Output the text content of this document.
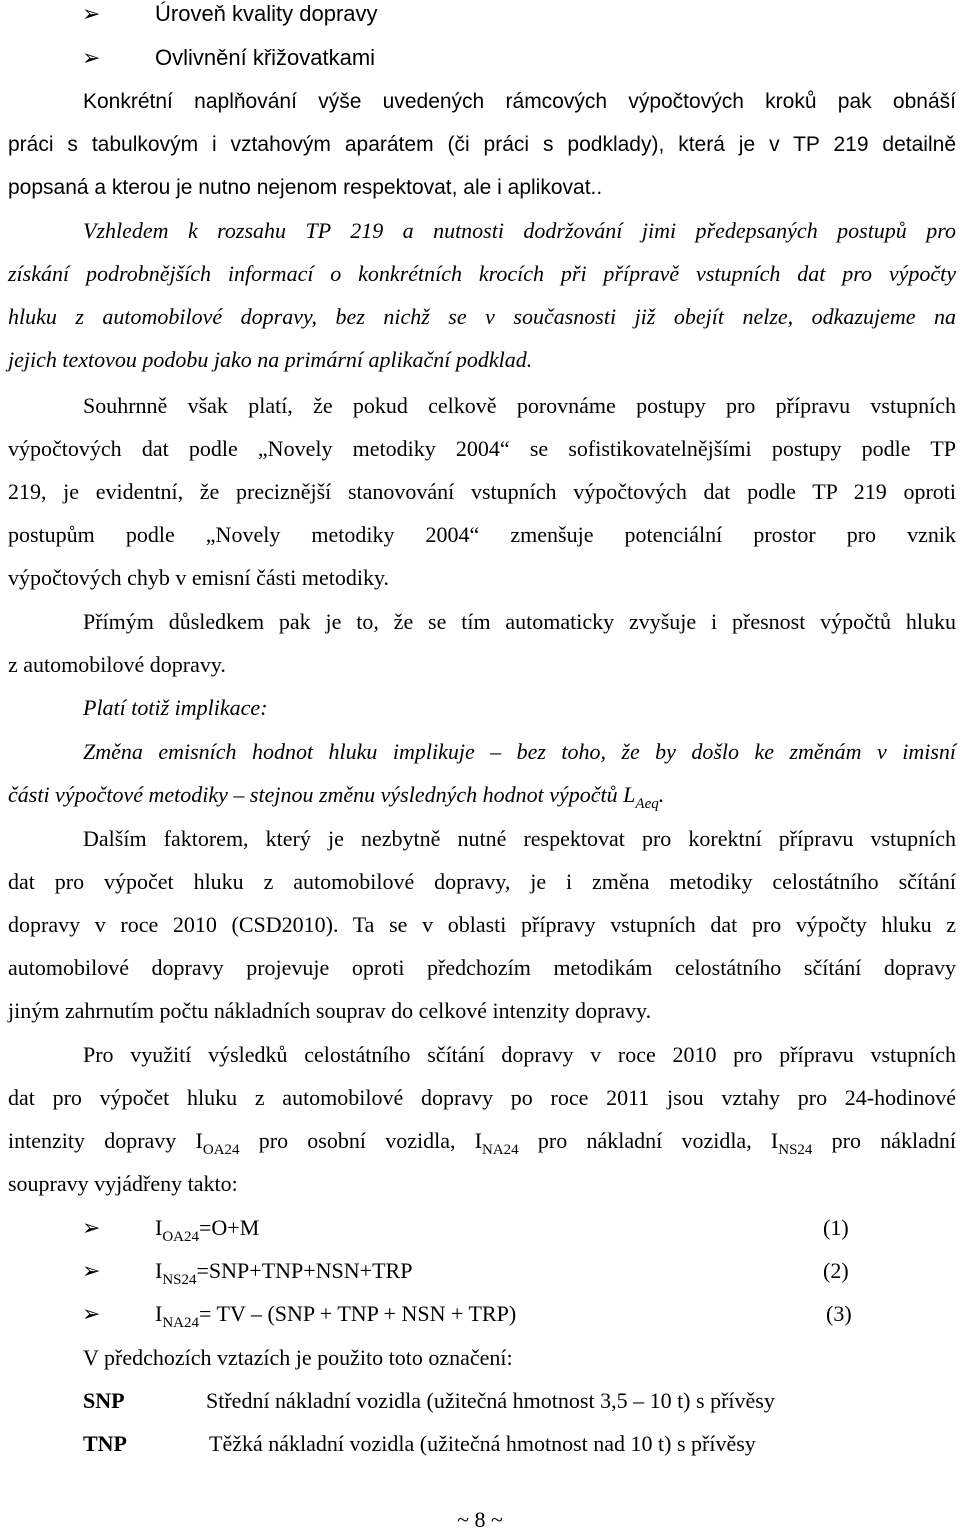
➢ Úroveň kvality dopravy
➢ Ovlivnění křižovatkami
Konkrétní naplňování výše uvedených rámcových výpočtových kroků pak obnáší
práci s tabulkovým i vztahovým aparátem (či práci s podklady), která je v TP 219 detailně
popsaná a kterou je nutno nejenom respektovat, ale i aplikovat..
Vzhledem k rozsahu TP 219 a nutnosti dodržování jimi předepsaných postupů pro
získání podrobnějších informací o konkrétních krocích při přípravě vstupních dat pro výpočty
hluku z automobilové dopravy, bez nichž se v současnosti již obejít nelze, odkazujeme na
jejich textovou podobu jako na primární aplikační podklad.
Souhrnně však platí, že pokud celkově porovnáme postupy pro přípravu vstupních
výpočtových dat podle „Novely metodiky 2004“ se sofistikovatelnějšími postupy podle TP
219, je evidentní, že precizněјší stanovování vstupních výpočtových dat podle TP 219 oproti
postupům podle „Novely metodiky 2004“ zmenšuje potenciální prostor pro vznik
výpočtových chyb v emisní části metodiky.
Přímým důsledkem pak je to, že se tím automaticky zvyšuje i přesnost výpočtů hluku
z automobilové dopravy.
Platí totiž implikace:
Změna emisních hodnot hluku implikuje – bez toho, že by došlo ke změnám v imisní
části výpočtové metodiky – stejnou změnu výsledných hodnot výpočtů $L_{Aeq}$.
Dalším faktorem, který je nezbytně nutné respektovat pro korektní přípravu vstupních
dat pro výpočet hluku z automobilové dopravy, je i změna metodiky celostátního sčítání
dopravy v roce 2010 (CSD2010). Ta se v oblasti přípravy vstupních dat pro výpočty hluku z
automobilové dopravy projevuje oproti předchozím metodikám celostátního sčítání dopravy
jiným zahrnutím počtu nákladních souprav do celkové intenzity dopravy.
Pro využití výsledků celostátního sčítání dopravy v roce 2010 pro přípravu vstupních
dat pro výpočet hluku z automobilové dopravy po roce 2011 jsou vztahy pro 24-hodinové
intenzity dopravy $I_{OA24}$ pro osobní vozidla, $I_{NA24}$ pro nákladní vozidla, $I_{NS24}$ pro nákladní
soupravy vyjádřeny takto:
➢ $I_{OA24}=O+M$	(1)
➢ $I_{NS24}=SNP+TNP+NSN+TRP$	(2)
➢ $I_{NA24}=$ TV – (SNP + TNP + NSN + TRP)	(3)
V předchozích vztazích je použito toto označení:
SNP	Střední nákladní vozidla (užitečná hmotnost 3,5 – 10 t) s přívěsy
TNP	Těžká nákladní vozidla (užitečná hmotnost nad 10 t) s přívěsy
~ 8 ~
